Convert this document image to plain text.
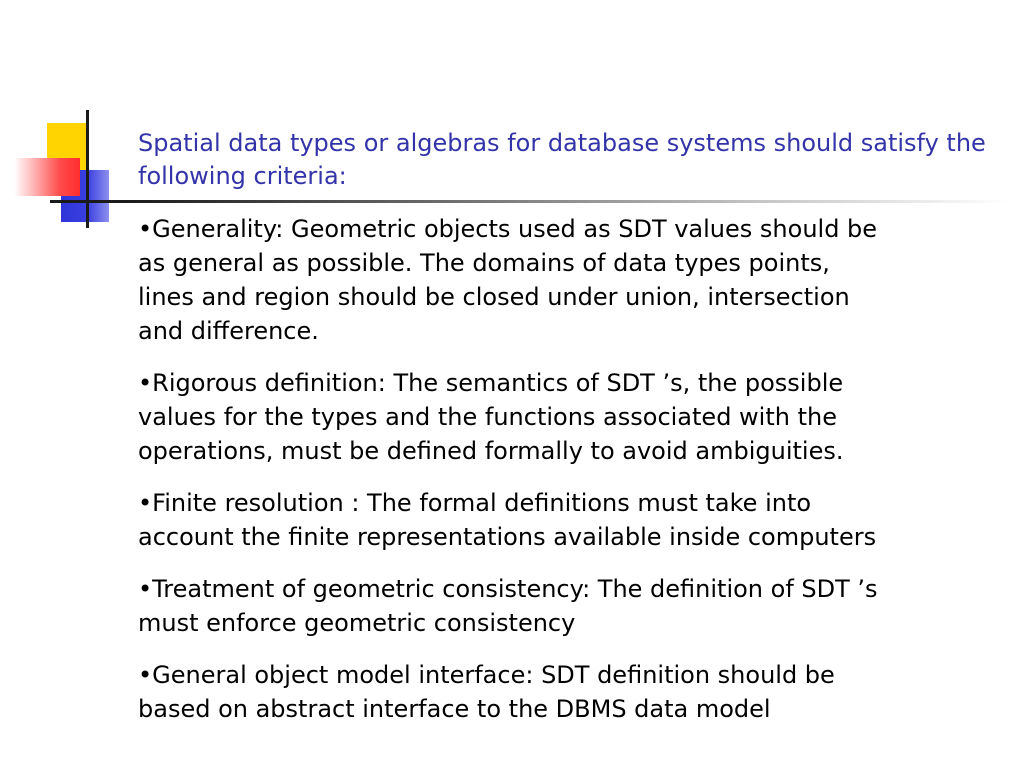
Spatial data types or algebras for database systems should satisfy the following criteria:
•Generality: Geometric objects used as SDT values should be as general as possible. The domains of data types points, lines and region should be closed under union, intersection and difference.
•Rigorous definition: The semantics of SDT ’s, the possible values for the types and the functions associated with the operations, must be defined formally to avoid ambiguities.
•Finite resolution : The formal definitions must take into account the finite representations available inside computers
•Treatment of geometric consistency: The definition of SDT ’s must enforce geometric consistency
•General object model interface: SDT definition should be based on abstract interface to the DBMS data model
